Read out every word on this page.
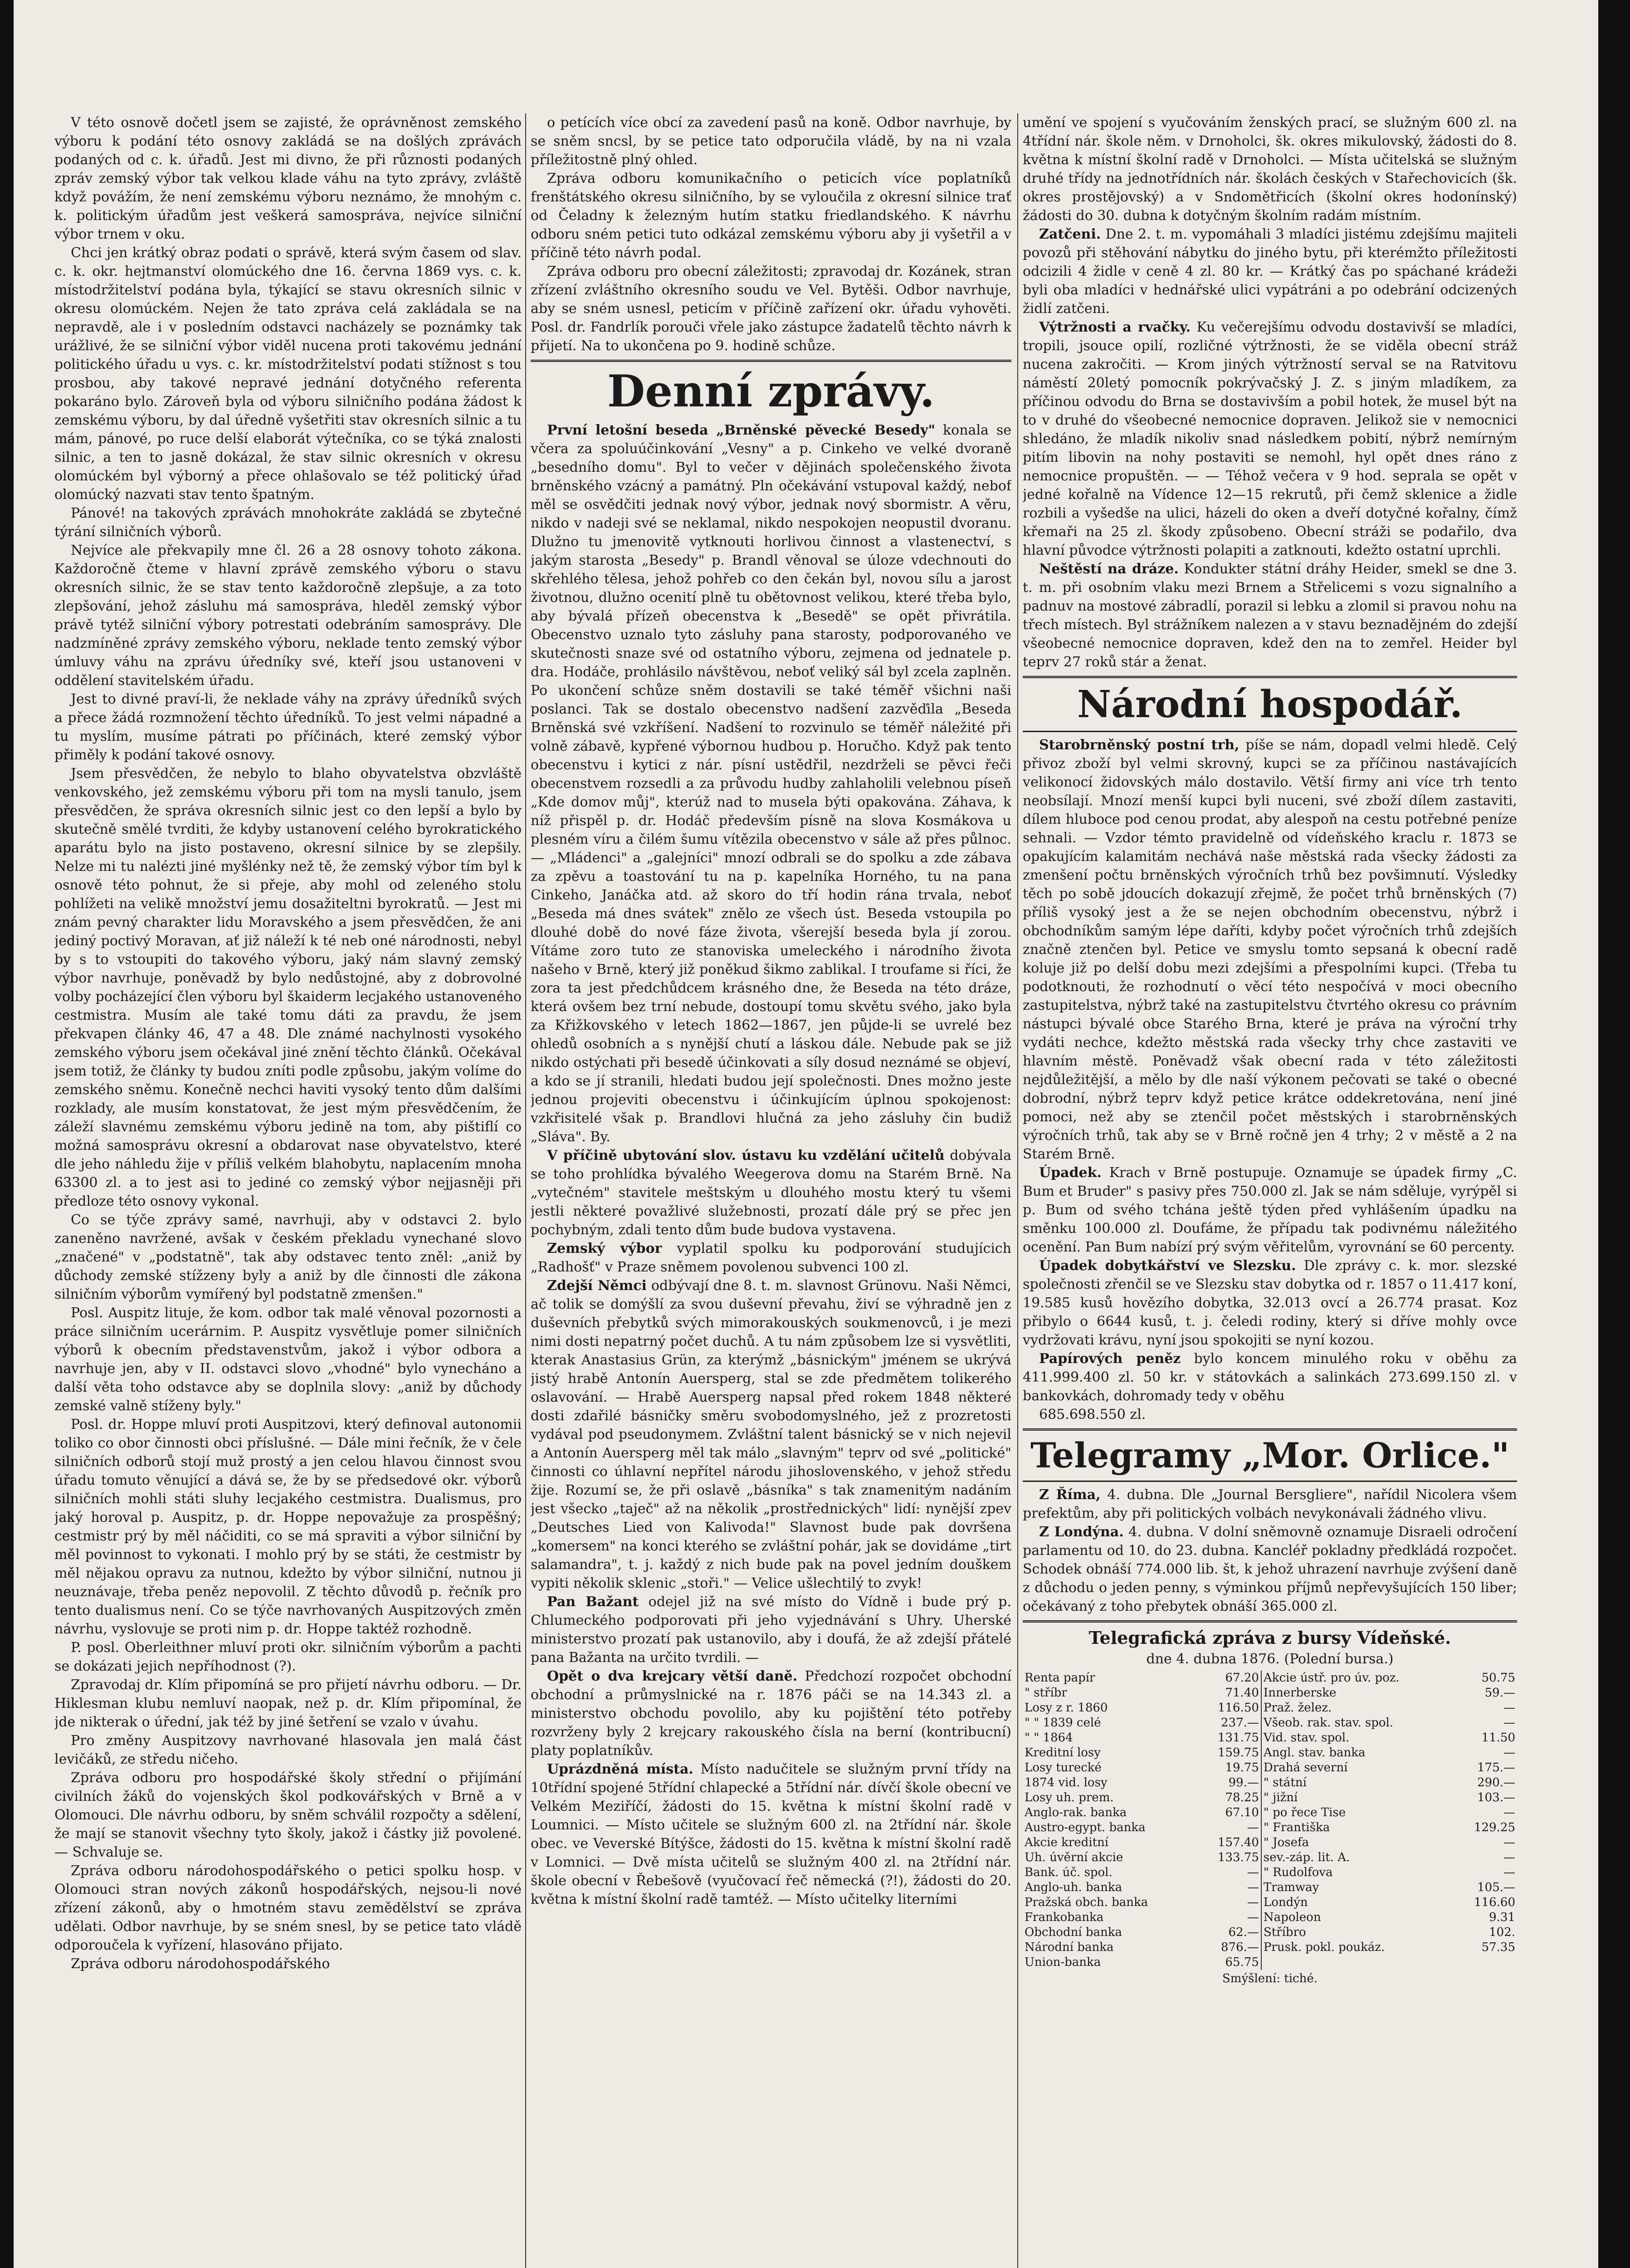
V této osnově dočetl jsem se zajisté, že oprávněnost zemského výboru k podání této osnovy zakládá se na došlých zprávách podaných od c. k. úřadů. Jest mi divno, že při různosti podaných zpráv zemský výbor tak velkou klade váhu na tyto zprávy, zvláště když povážím, že není zemskému výboru neznámo, že mnohým c. k. politickým úřadům jest veškerá samospráva, nejvíce silniční výbor trnem v oku.

Chci jen krátký obraz podati o správě, která svým časem od slav. c. k. okr. hejtmanství olomúckého dne 16. června 1869 vys. c. k. místodržitelství podána byla, týkající se stavu okresních silnic v okresu olomúckém. Nejen že tato zpráva celá zakládala se na nepravdě, ale i v posledním odstavci nacházely se poznámky tak urážlivé, že se silniční výbor viděl nucena proti takovému jednání politického úřadu u vys. c. kr. místodržitelství podati stížnost s tou prosbou, aby takové nepravé jednání dotyčného referenta pokaráno bylo. Zároveň byla od výboru silničního podána žádost k zemskému výboru, by dal úředně vyšetřiti stav okresních silnic a tu mám, pánové, po ruce delší elaborát výtečníka, co se týká znalosti silnic, a ten to jasně dokázal, že stav silnic okresních v okresu olomúckém byl výborný a přece ohlašovalo se též politický úřad olomúcký nazvati stav tento špatným.

Pánové! na takových zprávách mnohokráte zakládá se zbytečné týrání silničních výborů.

Nejvíce ale překvapily mne čl. 26 a 28 osnovy tohoto zákona. Každoročně čteme v hlavní zprávě zemského výboru o stavu okresních silnic, že se stav tento každoročně zlepšuje, a za toto zlepšování, jehož zásluhu má samospráva, hleděl zemský výbor právě tytéž silniční výbory potrestati odebráním samosprávy. Dle nadzmíněné zprávy zemského výboru, neklade tento zemský výbor úmluvy váhu na zprávu úředníky své, kteří jsou ustanoveni v oddělení stavitelském úřadu.

Jest to divné praví-li, že neklade váhy na zprávy úředníků svých a přece žádá rozmnožení těchto úředníků. To jest velmi nápadné a tu myslím, musíme pátrati po příčinách, které zemský výbor přiměly k podání takové osnovy.

Jsem přesvědčen, že nebylo to blaho obyvatelstva obzvláště venkovského, jež zemskému výboru při tom na mysli tanulo, jsem přesvědčen, že správa okresních silnic jest co den lepší a bylo by skutečně smělé tvrditi, že kdyby ustanovení celého byrokratického aparátu bylo na jisto postaveno, okresní silnice by se zlepšily. Nelze mi tu nalézti jiné myšlénky než tě, že zemský výbor tím byl k osnově této pohnut, že si přeje, aby mohl od zeleného stolu pohlížeti na velikě množství jemu dosažiteltni byrokratů. — Jest mi znám pevný charakter lidu Moravského a jsem přesvědčen, že ani jediný poctivý Moravan, ať již náleží k té neb oné národnosti, nebyl by s to vstoupiti do takového výboru, jaký nám slavný zemský výbor navrhuje, poněvadž by bylo nedůstojné, aby z dobrovolné volby pocházející člen výboru byl škaiderm lecjakého ustanoveného cestmistra. Musím ale také tomu dáti za pravdu, že jsem překvapen články 46, 47 a 48. Dle známé nachylnosti vysokého zemského výboru jsem očekával jiné znění těchto článků. Očekával jsem totiž, že články ty budou zníti podle způsobu, jakým volíme do zemského sněmu. Konečně nechci haviti vysoký tento dům dalšími rozklady, ale musím konstatovat, že jest mým přesvědčením, že záleží slavnému zemskému výboru jedině na tom, aby pištiflí co možná samosprávu okresní a obdarovat nase obyvatelstvo, které dle jeho náhledu žije v příliš velkém blahobytu, naplacením mnoha 63300 zl. a to jest asi to jediné co zemský výbor nejjasněji při předloze této osnovy vykonal.

Co se týče zprávy samé, navrhuji, aby v odstavci 2. bylo zaneněno navržené, avšak v českém překladu vynechané slovo „značené" v „podstatně", tak aby odstavec tento zněl: „aniž by důchody zemské stížzeny byly a aniž by dle činnosti dle zákona silničním výborům vymířený byl podstatně zmenšen."

Posl. Auspitz lituje, že kom. odbor tak malé věnoval pozornosti a práce silničním ucerárnim. P. Auspitz vysvětluje pomer silničních výborů k obecním představenstvům, jakož i výbor odbora a navrhuje jen, aby v II. odstavci slovo „vhodné" bylo vynecháno a další věta toho odstavce aby se doplnila slovy: „aniž by důchody zemské valně stíženy byly."

Posl. dr. Hoppe mluví proti Auspitzovi, který definoval autonomii toliko co obor činnosti obci příslušné. — Dále mini řečník, že v čele silničních odborů stojí muž prostý a jen celou hlavou činnost svou úřadu tomuto věnující a dává se, že by se předsedové okr. výborů silničních mohli státi sluhy lecjakého cestmistra. Dualismus, pro jaký horoval p. Auspitz, p. dr. Hoppe nepovažuje za prospěšný; cestmistr prý by měl náčiditi, co se má spraviti a výbor silniční by měl povinnost to vykonati. I mohlo prý by se státi, že cestmistr by měl nějakou opravu za nutnou, kdežto by výbor silniční, nutnou ji neuznávaje, třeba peněz nepovolil. Z těchto důvodů p. řečník pro tento dualismus není. Co se týče navrhovaných Auspitzových změn návrhu, vyslovuje se proti nim p. dr. Hoppe taktéž rozhodně.

P. posl. Oberleithner mluví proti okr. silničním výborům a pachti se dokázati jejich nepříhodnost (?).

Zpravodaj dr. Klím připomíná se pro přijetí návrhu odboru. — Dr. Hiklesman klubu nemluví naopak, než p. dr. Klím připomínal, že jde nikterak o úřední, jak též by jiné šetření se vzalo v úvahu.

Pro změny Auspitzovy navrhované hlasovala jen malá část levičáků, ze středu ničeho.

Zpráva odboru pro hospodářské školy střední o přijímání civilních žáků do vojenských škol podkovářských v Brně a v Olomouci. Dle návrhu odboru, by sněm schválil rozpočty a sdělení, že mají se stanovit všechny tyto školy, jakož i částky již povolené. — Schvaluje se.

Zpráva odboru národohospodářského o petici spolku hosp. v Olomouci stran nových zákonů hospodářských, nejsou-li nové zřízení zákonů, aby o hmotném stavu zemědělství se zpráva udělati. Odbor navrhuje, by se sném snesl, by se petice tato vládě odporoučela k vyřízení, hlasováno přijato.

Zpráva odboru národohospodářského

o petících více obcí za zavedení pasů na koně. Odbor navrhuje, by se sněm sncsl, by se petice tato odporučila vládě, by na ni vzala příležitostně plný ohled.

Zpráva odboru komunikačního o peticích více poplatníků frenštátského okresu silničního, by se vyloučila z okresní silnice trať od Čeladny k železným hutím statku friedlandského. K návrhu odboru sném petici tuto odkázal zemskému výboru aby ji vyšetřil a v příčině této návrh podal.

Zpráva odboru pro obecní záležitosti; zpravodaj dr. Kozánek, stran zřízení zvláštního okresního soudu ve Vel. Bytěši. Odbor navrhuje, aby se sném usnesl, peticím v příčině zařízení okr. úřadu vyhověti. Posl. dr. Fandrlík porouči vřele jako zástupce žadatelů těchto návrh k přijetí. Na to ukončena po 9. hodině schůze.

Denní zprávy.

První letošní beseda „Brněnské pěvecké Besedy" konala se včera za spoluúčinkování „Vesny" a p. Cinkeho ve velké dvoraně „besedního domu". Byl to večer v dějinách společenského života brněnského vzácný a památný. Pln očekávání vstupoval každý, nebof měl se osvědčiti jednak nový výbor, jednak nový sbormistr. A věru, nikdo v nadeji své se neklamal, nikdo nespokojen neopustil dvoranu. Dlužno tu jmenovitě vytknouti horlivou činnost a vlastenectví, s jakým starosta „Besedy" p. Brandl věnoval se úloze vdechnouti do skřehlého tělesa, jehož pohřeb co den čekán byl, novou sílu a jarost životnou, dlužno ocenití plně tu obětovnost velikou, které třeba bylo, aby bývalá přízeň obecenstva k „Besedě" se opět přivrátila. Obecenstvo uznalo tyto zásluhy pana starosty, podporovaného ve skutečnosti snaze své od ostatního výboru, zejmena od jednatele p. dra. Hodáče, prohlásilo návštěvou, neboť veliký sál byl zcela zaplněn. Po ukončení schůze sněm dostavili se také téměř všichni naši poslanci. Tak se dostalo obecenstvo nadšení zazvěďila „Beseda Brněnská své vzkříšení. Nadšení to rozvinulo se téměř náležité při volně zábavě, kypřené výbornou hudbou p. Horučho. Když pak tento obecenstvu i kytici z nár. písní ustědřil, nezdrželi se pěvci řeči obecenstvem rozsedli a za průvodu hudby zahlaholili velebnou píseň „Kde domov můj", kterúž nad to musela býti opakována. Záhava, k níž přispěl p. dr. Hodáč především písně na slova Kosmákova u plesném víru a čilém šumu vítězila obecenstvo v sále až přes půlnoc. — „Mládenci" a „galejníci" mnozí odbrali se do spolku a zde zábava za zpěvu a toastování tu na p. kapelníka Horného, tu na pana Cinkeho, Janáčka atd. až skoro do tří hodin rána trvala, neboť „Beseda má dnes svátek" znělo ze všech úst. Beseda vstoupila po dlouhé době do nové fáze života, všerejší beseda byla jí zorou. Vítáme zoro tuto ze stanoviska umeleckého i národního života našeho v Brně, který již poněkud šikmo zablikal. I troufame si říci, že zora ta jest předchůdcem krásného dne, že Beseda na této dráze, která ovšem bez trní nebude, dostoupí tomu skvětu svého, jako byla za Křižkovského v letech 1862—1867, jen půjde-li se uvrelé bez ohledů osobních a s nynější chutí a láskou dále. Nebude pak se již nikdo ostýchati při besedě účinkovati a síly dosud neznámé se objeví, a kdo se jí stranili, hledati budou její společnosti. Dnes možno jeste jednou projeviti obecenstvu i účinkujícím úplnou spokojenost: vzkřisitelé však p. Brandlovi hlučná za jeho zásluhy čin budiž „Sláva". By.

V příčině ubytování slov. ústavu ku vzdělání učitelů dobývala se toho prohlídka bývalého Weegerova domu na Starém Brně. Na „vytečném" stavitele meštským u dlouhého mostu který tu všemi jestli některé považlivé služebnosti, prozatí dále prý se přec jen pochybným, zdali tento dům bude budova vystavena.

Zemský výbor vyplatil spolku ku podporování studujícich „Radhošť" v Praze sněmem povolenou subvenci 100 zl.

Zdejší Němci odbývají dne 8. t. m. slavnost Grünovu. Naši Němci, ač tolik se domýšlí za svou duševní převahu, živí se výhradně jen z duševních přebytků svých mimorakouských soukmenovců, i je mezi nimi dosti nepatrný počet duchů. A tu nám způsobem lze si vysvětliti, kterak Anastasius Grün, za kterýmž „básnickým" jménem se ukrývá jistý hrabě Antonín Auersperg, stal se zde předmětem tolikerého oslavování. — Hrabě Auersperg napsal před rokem 1848 některé dosti zdařilé básničky směru svobodomyslného, jež z prozretosti vydával pod pseudonymem. Zvláštní talent básnický se v nich nejevil a Antonín Auersperg měl tak málo „slavným" teprv od své „politické" činnosti co úhlavní nepřítel národu jihoslovenského, v jehož středu žije. Rozumí se, že při oslavě „básníka" s tak znamenitým nadáním jest všecko „taječ" až na několik „prostřednických" lidí: nynější zpev „Deutsches Lied von Kalivoda!" Slavnost bude pak dovršena „komersem" na konci kterého se zvláštní pohár, jak se dovidáme „tirt salamandra", t. j. každý z nich bude pak na povel jedním douškem vypiti několik sklenic „stoři." — Velice ušlechtilý to zvyk!

Pan Bažant odejel již na své místo do Vídně i bude prý p. Chlumeckého podporovati při jeho vyjednávání s Uhry. Uherské ministerstvo prozatí pak ustanovilo, aby i doufá, že až zdejší přátelé pana Bažanta na určito tvrdili. —

Opět o dva krejcary větší daně. Předchozí rozpočet obchodní obchodní a průmyslnické na r. 1876 páči se na 14.343 zl. a ministerstvo obchodu povolilo, aby ku pojištění této potřeby rozvrženy byly 2 krejcary rakouského čísla na berní (kontribucní) platy poplatníkův.

Uprázdněná místa. Místo nadučitele se služným první třídy na 10třídní spojené 5třídní chlapecké a 5třídní nár. dívčí škole obecní ve Velkém Meziříčí, žádosti do 15. května k místní školní radě v Loumnici. — Místo učitele se služným 600 zl. na 2třídní nár. škole obec. ve Veverské Bítýšce, žádosti do 15. května k místní školní radě v Lomnici. — Dvě místa učitelů se služným 400 zl. na 2třídní nár. škole obecní v Řebešově (vyučovací řeč německá (?!), žádosti do 20. května k místní školní radě tamtéž. — Místo učitelky literními

umění ve spojení s vyučováním ženských prací, se služným 600 zl. na 4třídní nár. škole něm. v Drnoholci, šk. okres mikulovský, žádosti do 8. května k místní školní radě v Drnoholci. — Místa učitelská se služným druhé třídy na jednotřídních nár. školách českých v Stařechovicích (šk. okres prostějovský) a v Sndomětřicích (školní okres hodonínský) žádosti do 30. dubna k dotyčným školním radám místním.

Zatčeni. Dne 2. t. m. vypomáhali 3 mladíci jistému zdejšímu majiteli povozů při stěhování nábytku do jiného bytu, při kterémžto příležitosti odcizili 4 židle v ceně 4 zl. 80 kr. — Krátký čas po spáchané krádeži byli oba mladíci v hednářské ulici vypátráni a po odebrání odcizených židlí zatčeni.

Výtržnosti a rvačky. Ku večerejšímu odvodu dostavivší se mladíci, tropili, jsouce opilí, rozličné výtržnosti, že se viděla obecní stráž nucena zakročiti. — Krom jiných výtržností serval se na Ratvitovu náměstí 20letý pomocník pokrývačský J. Z. s jiným mladíkem, za příčinou odvodu do Brna se dostavivším a pobil hotek, že musel být na to v druhé do všeobecné nemocnice dopraven. Jelikož sie v nemocnici shledáno, že mladík nikoliv snad následkem pobití, nýbrž nemírným pitím libovin na nohy postaviti se nemohl, hyl opět dnes ráno z nemocnice propuštěn. — — Téhož večera v 9 hod. seprala se opět v jedné kořalně na Vídence 12—15 rekrutů, při čemž sklenice a židle rozbili a vyšedše na ulici, házeli do oken a dveří dotyčné kořalny, čímž křemaři na 25 zl. škody způsobeno. Obecní stráži se podařilo, dva hlavní původce výtržnosti polapiti a zatknouti, kdežto ostatní uprchli.

Neštěstí na dráze. Kondukter státní dráhy Heider, smekl se dne 3. t. m. při osobním vlaku mezi Brnem a Střelicemi s vozu signalního a padnuv na mostové zábradlí, porazil si lebku a zlomil si pravou nohu na třech místech. Byl strážníkem nalezen a v stavu beznadějném do zdejší všeobecné nemocnice dopraven, kdež den na to zemřel. Heider byl teprv 27 roků stár a ženat.

Národní hospodář.

Starobrněnský postní trh, píše se nám, dopadl velmi hledě. Celý přivoz zboží byl velmi skrovný, kupci se za příčinou nastávajících velikonocí židovských málo dostavilo. Větší firmy ani více trh tento neobsílají. Mnozí menší kupci byli nuceni, své zboží dílem zastaviti, dílem hluboce pod cenou prodat, aby alespoň na cestu potřebné peníze sehnali. — Vzdor témto pravidelně od vídeňského kraclu r. 1873 se opakujícím kalamitám nechává naše městská rada všecky žádosti za zmenšení počtu brněnských výročních trhů bez povšimnutí. Výsledky těch po sobě jdoucích dokazují zřejmě, že počet trhů brněnských (7) příliš vysoký jest a že se nejen obchodním obecenstvu, nýbrž i obchodníkům samým lépe daříti, kdyby počet výročních trhů zdejších značně ztenčen byl. Petice ve smyslu tomto sepsaná k obecní radě koluje již po delší dobu mezi zdejšími a přespolními kupci. (Třeba tu podotknouti, že rozhodnutí o věcí této nespočívá v moci obecního zastupitelstva, nýbrž také na zastupitelstvu čtvrtého okresu co právním nástupci bývalé obce Starého Brna, které je práva na výroční trhy vydáti nechce, kdežto městská rada všecky trhy chce zastaviti ve hlavním městě. Poněvadž však obecní rada v této záležitosti nejdůležitější, a mělo by dle naší výkonem pečovati se také o obecné dobrodní, nýbrž teprv když petice krátce oddekretována, není jiné pomoci, než aby se ztenčil počet městských i starobrněnských výročních trhů, tak aby se v Brně ročně jen 4 trhy; 2 v městě a 2 na Starém Brně.

Úpadek. Krach v Brně postupuje. Oznamuje se úpadek firmy „C. Bum et Bruder" s pasivy přes 750.000 zl. Jak se nám sděluje, vyrýpěl si p. Bum od svého tchána ještě týden před vyhlášením úpadku na směnku 100.000 zl. Doufáme, že případu tak podivnému náležitého ocenění. Pan Bum nabízí prý svým věřitelům, vyrovnání se 60 percenty.

Úpadek dobytkářství ve Slezsku. Dle zprávy c. k. mor. slezské společnosti zřenčil se ve Slezsku stav dobytka od r. 1857 o 11.417 koní, 19.585 kusů hovězího dobytka, 32.013 ovcí a 26.774 prasat. Koz přibylo o 6644 kusů, t. j. čeledi rodiny, který si dříve mohly ovce vydržovati krávu, nyní jsou spokojiti se nyní kozou.

Papírových peněz bylo koncem minulého roku v oběhu za 411.999.400 zl. 50 kr. v státovkách a salinkách 273.699.150 zl. v bankovkách, dohromady tedy v oběhu

685.698.550 zl.

Telegramy „Mor. Orlice."

Z Říma, 4. dubna. Dle „Journal Bersgliere", nařídil Nicolera všem prefektům, aby při politických volbách nevykonávali žádného vlivu.

Z Londýna. 4. dubna. V dolní sněmovně oznamuje Disraeli odročení parlamentu od 10. do 23. dubna. Kancléř pokladny předkládá rozpočet. Schodek obnáší 774.000 lib. št, k jehož uhrazení navrhuje zvýšení daně z důchodu o jeden penny, s výminkou příjmů nepřevyšujících 150 liber; očekávaný z toho přebytek obnáší 365.000 zl.

Telegrafická zpráva z bursy Vídeňské.
dne 4. dubna 1876. (Polední bursa.)
Renta papír	67.20	Akcie ústř. pro úv. poz.	50.75
" stříbr	71.40	Innerberske	59.—
Losy z r. 1860	116.50	Praž. želez.	—
" " 1839 celé	237.—	Všeob. rak. stav. spol.	—
" " 1864	131.75	Vid. stav. spol.	11.50
Kreditní losy	159.75	Angl. stav. banka	—
Losy turecké	19.75	Drahá severní	175.—
1874 vid. losy	99.—	" státní	290.—
Losy uh. prem.	78.25	" jižní	103.—
Anglo-rak. banka	67.10	" po řece Tise	—
Austro-egypt. banka	—	" Františka	129.25
Akcie kreditní	157.40	" Josefa	—
Uh. úvěrní akcie	133.75	sev.-záp. lit. A.	—
Bank. úč. spol.	—	" Rudolfova	—
Anglo-uh. banka	—	Tramway	105.—
Pražská obch. banka	—	Londýn	116.60
Frankobanka	—	Napoleon	9.31
Obchodní banka	62.—	Stříbro	102.
Národní banka	876.—	Prusk. pokl. poukáz.	57.35
Union-banka	65.75		
Smýšlení: tiché.
